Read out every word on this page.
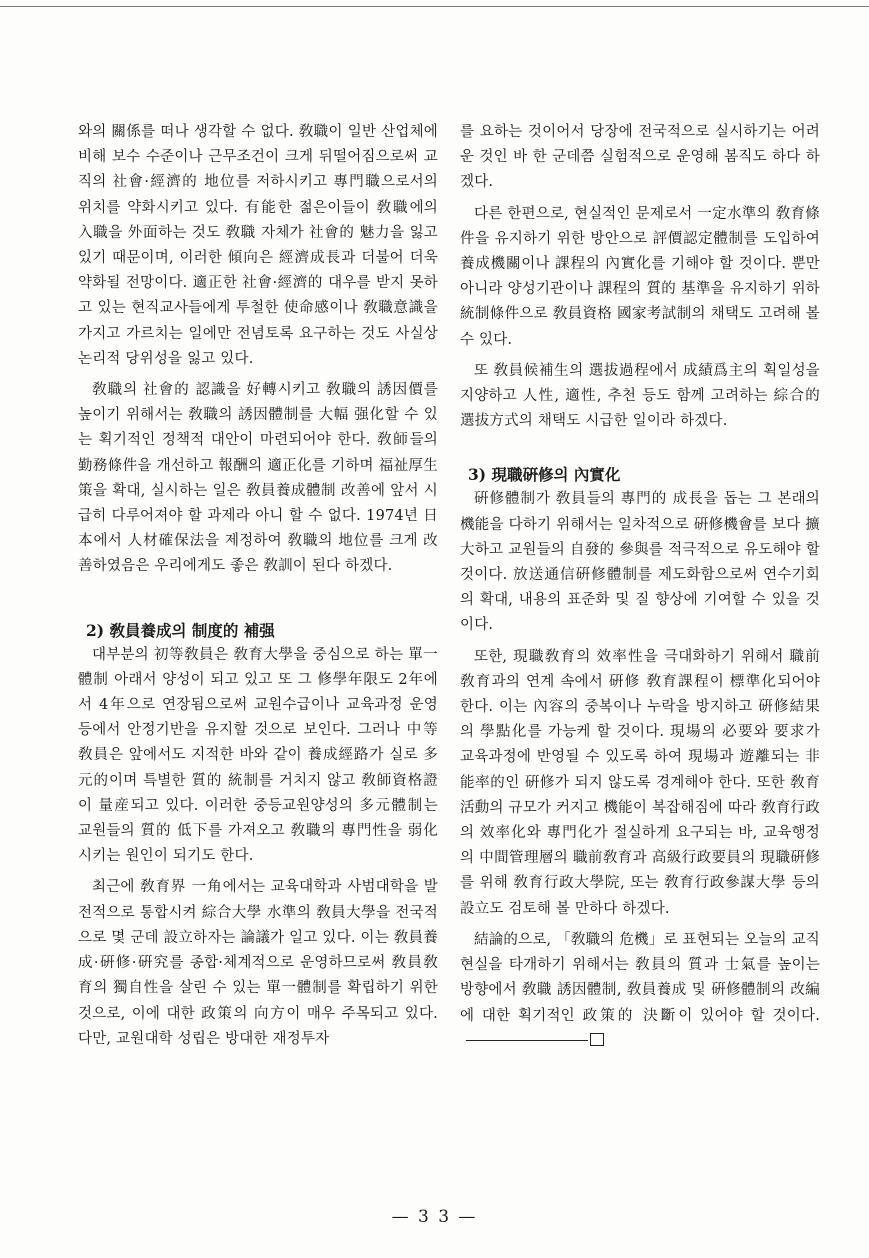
와의 關係를 떠나 생각할 수 없다. 敎職이 일반 산업체에 비해 보수 수준이나 근무조건이 크게 뒤떨어짐으로써 교직의 社會·經濟的 地位를 저하시키고 專門職으로서의 위치를 약화시키고 있다. 有能한 젊은이들이 敎職에의 入職을 外面하는 것도 敎職 자체가 社會的 魅力을 잃고 있기 때문이며, 이러한 傾向은 經濟成長과 더불어 더욱 약화될 전망이다. 適正한 社會·經濟的 대우를 받지 못하고 있는 현직교사들에게 투철한 使命感이나 敎職意識을 가지고 가르치는 일에만 전념토록 요구하는 것도 사실상 논리적 당위성을 잃고 있다.

敎職의 社會的 認識을 好轉시키고 敎職의 誘因價를 높이기 위해서는 敎職의 誘因體制를 大幅 强化할 수 있는 획기적인 정책적 대안이 마련되어야 한다. 敎師들의 勤務條件을 개선하고 報酬의 適正化를 기하며 福祉厚生策을 확대, 실시하는 일은 敎員養成體制 改善에 앞서 시급히 다루어져야 할 과제라 아니 할 수 없다. 1974년 日本에서 人材確保法을 제정하여 敎職의 地位를 크게 改善하였음은 우리에게도 좋은 敎訓이 된다 하겠다.

2) 敎員養成의 制度的 補强

대부분의 初等敎員은 敎育大學을 중심으로 하는 單一體制 아래서 양성이 되고 있고 또 그 修學年限도 2年에서 4年으로 연장됨으로써 교원수급이나 교육과정 운영 등에서 안정기반을 유지할 것으로 보인다. 그러나 中等敎員은 앞에서도 지적한 바와 같이 養成經路가 실로 多元的이며 특별한 質的 統制를 거치지 않고 敎師資格證이 量産되고 있다. 이러한 중등교원양성의 多元體制는 교원들의 質的 低下를 가져오고 敎職의 專門性을 弱化시키는 원인이 되기도 한다.

최근에 敎育界 一角에서는 교육대학과 사범대학을 발전적으로 통합시켜 綜合大學 水準의 敎員大學을 전국적으로 몇 군데 設立하자는 論議가 일고 있다. 이는 敎員養成·硏修·硏究를 종합·체계적으로 운영하므로써 敎員敎育의 獨自性을 살린 수 있는 單一體制를 확립하기 위한 것으로, 이에 대한 政策의 向方이 매우 주목되고 있다. 다만, 교원대학 성립은 방대한 재정투자

를 요하는 것이어서 당장에 전국적으로 실시하기는 어려운 것인 바 한 군데쯤 실험적으로 운영해 봄직도 하다 하겠다.

다른 한편으로, 현실적인 문제로서 一定水準의 敎育條件을 유지하기 위한 방안으로 評價認定體制를 도입하여 養成機關이나 課程의 內實化를 기해야 할 것이다. 뿐만 아니라 양성기관이나 課程의 質的 基準을 유지하기 위하 統制條件으로 敎員資格 國家考試制의 채택도 고려해 볼 수 있다.

또 敎員候補生의 選拔過程에서 成績爲主의 획일성을 지양하고 人性, 適性, 추천 등도 함께 고려하는 綜合的 選拔方式의 채택도 시급한 일이라 하겠다.

3) 現職硏修의 內實化

硏修體制가 敎員들의 專門的 成長을 돕는 그 본래의 機能을 다하기 위해서는 일차적으로 硏修機會를 보다 擴大하고 교원들의 自發的 參與를 적극적으로 유도해야 할 것이다. 放送通信硏修體制를 제도화함으로써 연수기회의 확대, 내용의 표준화 및 질 향상에 기여할 수 있을 것이다.

또한, 現職敎育의 效率性을 극대화하기 위해서 職前敎育과의 연계 속에서 硏修 敎育課程이 標準化되어야 한다. 이는 內容의 중복이나 누락을 방지하고 硏修結果의 學點化를 가능케 할 것이다. 現場의 必要와 要求가 교육과정에 반영될 수 있도록 하여 現場과 遊離되는 非能率的인 硏修가 되지 않도록 경계해야 한다. 또한 敎育活動의 규모가 커지고 機能이 복잡해짐에 따라 敎育行政의 效率化와 專門化가 절실하게 요구되는 바, 교육행정의 中間管理層의 職前敎育과 高級行政要員의 現職硏修를 위해 敎育行政大學院, 또는 敎育行政參謀大學 등의 設立도 검토해 볼 만하다 하겠다.

結論的으로, 「敎職의 危機」로 표현되는 오늘의 교직현실을 타개하기 위해서는 敎員의 質과 士氣를 높이는 방향에서 敎職 誘因體制, 敎員養成 및 硏修體制의 改編에 대한 획기적인 政策的 決斷이 있어야 할 것이다.

— 3 3 —
